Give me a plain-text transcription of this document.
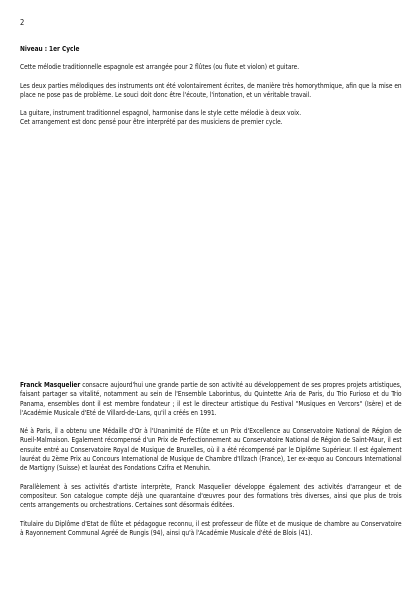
2

Niveau : 1er Cycle

Cette mélodie traditionnelle espagnole est arrangée pour 2 flûtes (ou flute et violon) et guitare.

Les deux parties mélodiques des instruments ont été volontairement écrites, de manière très homorythmique, afin que la mise en place ne pose pas de problème. Le souci doit donc être l'écoute, l'intonation, et un véritable travail.

La guitare, instrument traditionnel espagnol, harmonise dans le style cette mélodie à deux voix.
Cet arrangement est donc pensé pour être interprété par des musiciens de premier cycle.

Franck Masquelier consacre aujourd'hui une grande partie de son activité au développement de ses propres projets artistiques, faisant partager sa vitalité, notamment au sein de l'Ensemble Laborintus, du Quintette Aria de Paris, du Trio Furioso et du Trio Panama, ensembles dont il est membre fondateur ; il est le directeur artistique du Festival "Musiques en Vercors" (Isère) et de l'Académie Musicale d'Eté de Villard-de-Lans, qu'il a créés en 1991.

Né à Paris, il a obtenu une Médaille d'Or à l'Unanimité de Flûte et un Prix d'Excellence au Conservatoire National de Région de Rueil-Malmaison. Egalement récompensé d'un Prix de Perfectionnement au Conservatoire National de Région de Saint-Maur, il est ensuite entré au Conservatoire Royal de Musique de Bruxelles, où il a été récompensé par le Diplôme Supérieur. Il est également lauréat du 2ème Prix au Concours International de Musique de Chambre d'Illzach (France), 1er ex-æquo au Concours International de Martigny (Suisse) et lauréat des Fondations Czifra et Menuhin.

Parallèlement à ses activités d'artiste interprète, Franck Masquelier développe également des activités d'arrangeur et de compositeur. Son catalogue compte déjà une quarantaine d'œuvres pour des formations très diverses, ainsi que plus de trois cents arrangements ou orchestrations. Certaines sont désormais éditées.

Titulaire du Diplôme d'Etat de flûte et pédagogue reconnu, il est professeur de flûte et de musique de chambre au Conservatoire à Rayonnement Communal Agréé de Rungis (94), ainsi qu'à l'Académie Musicale d'été de Blois (41).
